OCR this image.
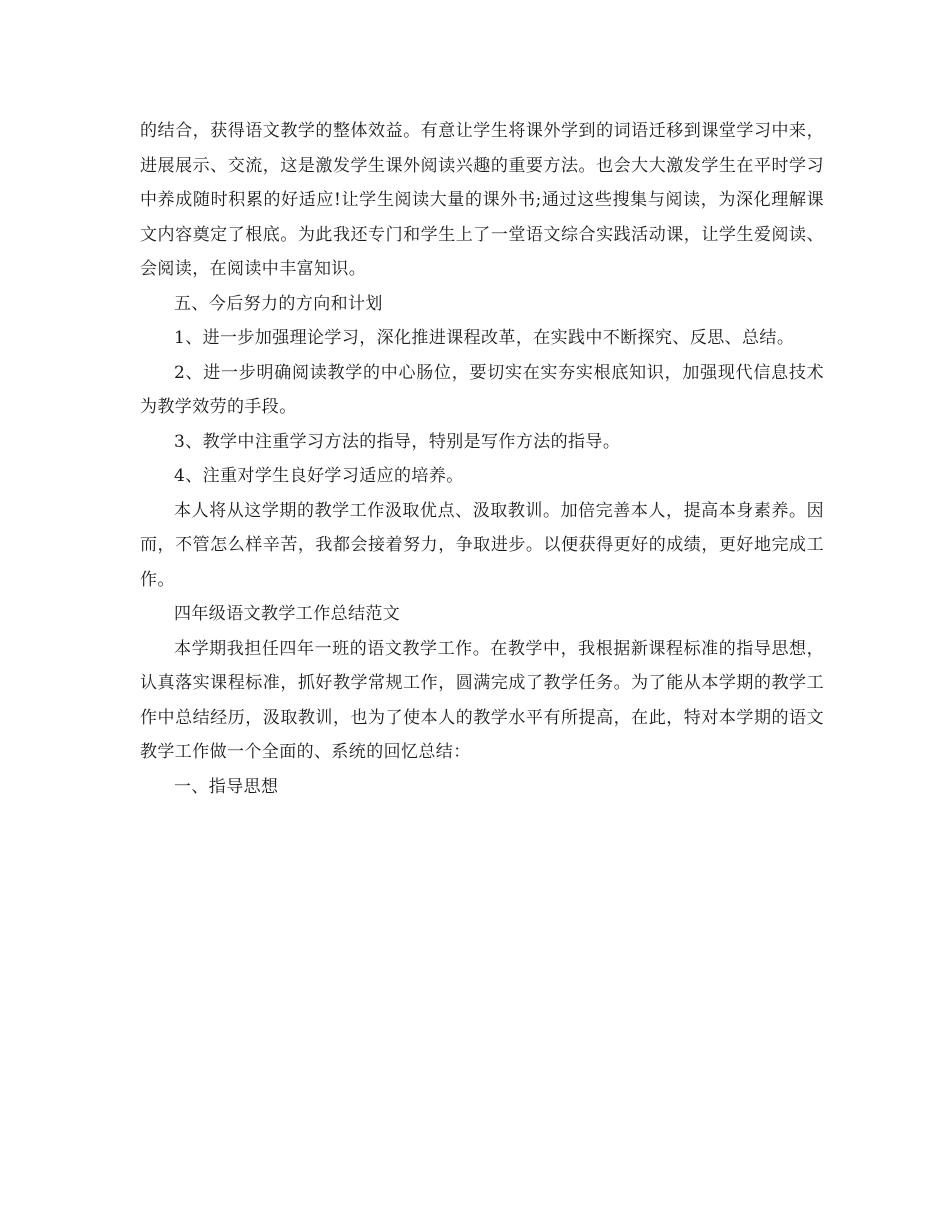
的结合，获得语文教学的整体效益。有意让学生将课外学到的词语迁移到课堂学习中来，进展展示、交流，这是激发学生课外阅读兴趣的重要方法。也会大大激发学生在平时学习中养成随时积累的好适应!让学生阅读大量的课外书;通过这些搜集与阅读，为深化理解课文内容奠定了根底。为此我还专门和学生上了一堂语文综合实践活动课，让学生爱阅读、会阅读，在阅读中丰富知识。

五、今后努力的方向和计划

1、进一步加强理论学习，深化推进课程改革，在实践中不断探究、反思、总结。

2、进一步明确阅读教学的中心肠位，要切实在实夯实根底知识，加强现代信息技术为教学效劳的手段。

3、教学中注重学习方法的指导，特别是写作方法的指导。

4、注重对学生良好学习适应的培养。

本人将从这学期的教学工作汲取优点、汲取教训。加倍完善本人，提高本身素养。因而，不管怎么样辛苦，我都会接着努力，争取进步。以便获得更好的成绩，更好地完成工作。

四年级语文教学工作总结范文

本学期我担任四年一班的语文教学工作。在教学中，我根据新课程标准的指导思想，认真落实课程标准，抓好教学常规工作，圆满完成了教学任务。为了能从本学期的教学工作中总结经历，汲取教训，也为了使本人的教学水平有所提高，在此，特对本学期的语文教学工作做一个全面的、系统的回忆总结：

一、指导思想
